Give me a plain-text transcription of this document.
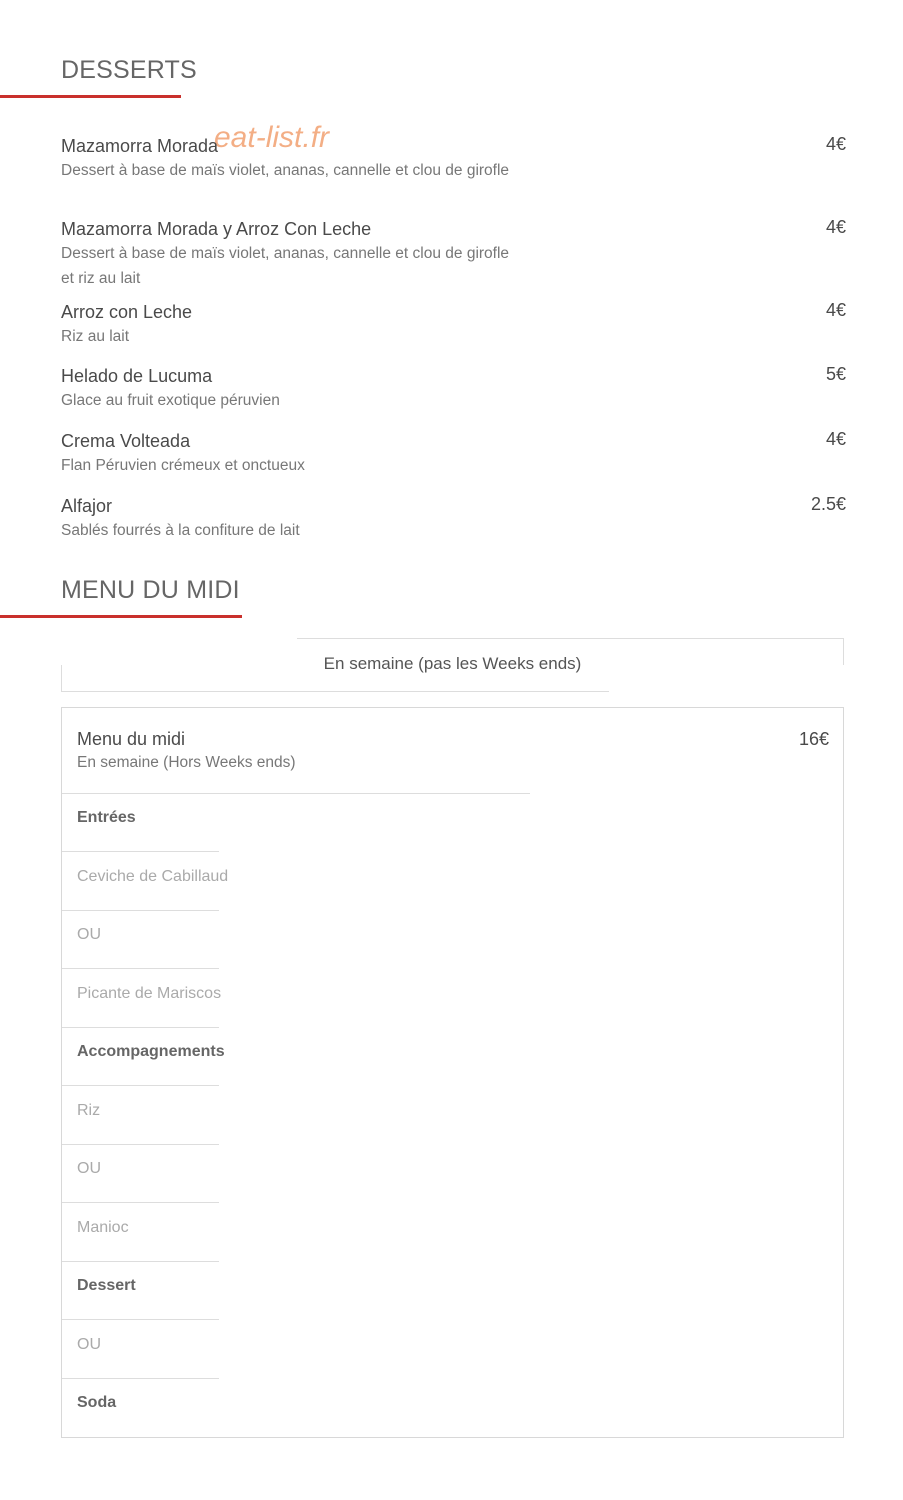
DESSERTS
eat-list.fr
Mazamorra Morada	4€
Dessert à base de maïs violet, ananas, cannelle et clou de girofle
Mazamorra Morada y Arroz Con Leche	4€
Dessert à base de maïs violet, ananas, cannelle et clou de girofle et riz au lait
Arroz con Leche	4€
Riz au lait
Helado de Lucuma	5€
Glace au fruit exotique péruvien
Crema Volteada	4€
Flan Péruvien crémeux et onctueux
Alfajor	2.5€
Sablés fourrés à la confiture de lait
MENU DU MIDI
En semaine (pas les Weeks ends)
Menu du midi
En semaine (Hors Weeks ends)
16€
Entrées
Ceviche de Cabillaud
OU
Picante de Mariscos
Accompagnements
Riz
OU
Manioc
Dessert
OU
Soda
